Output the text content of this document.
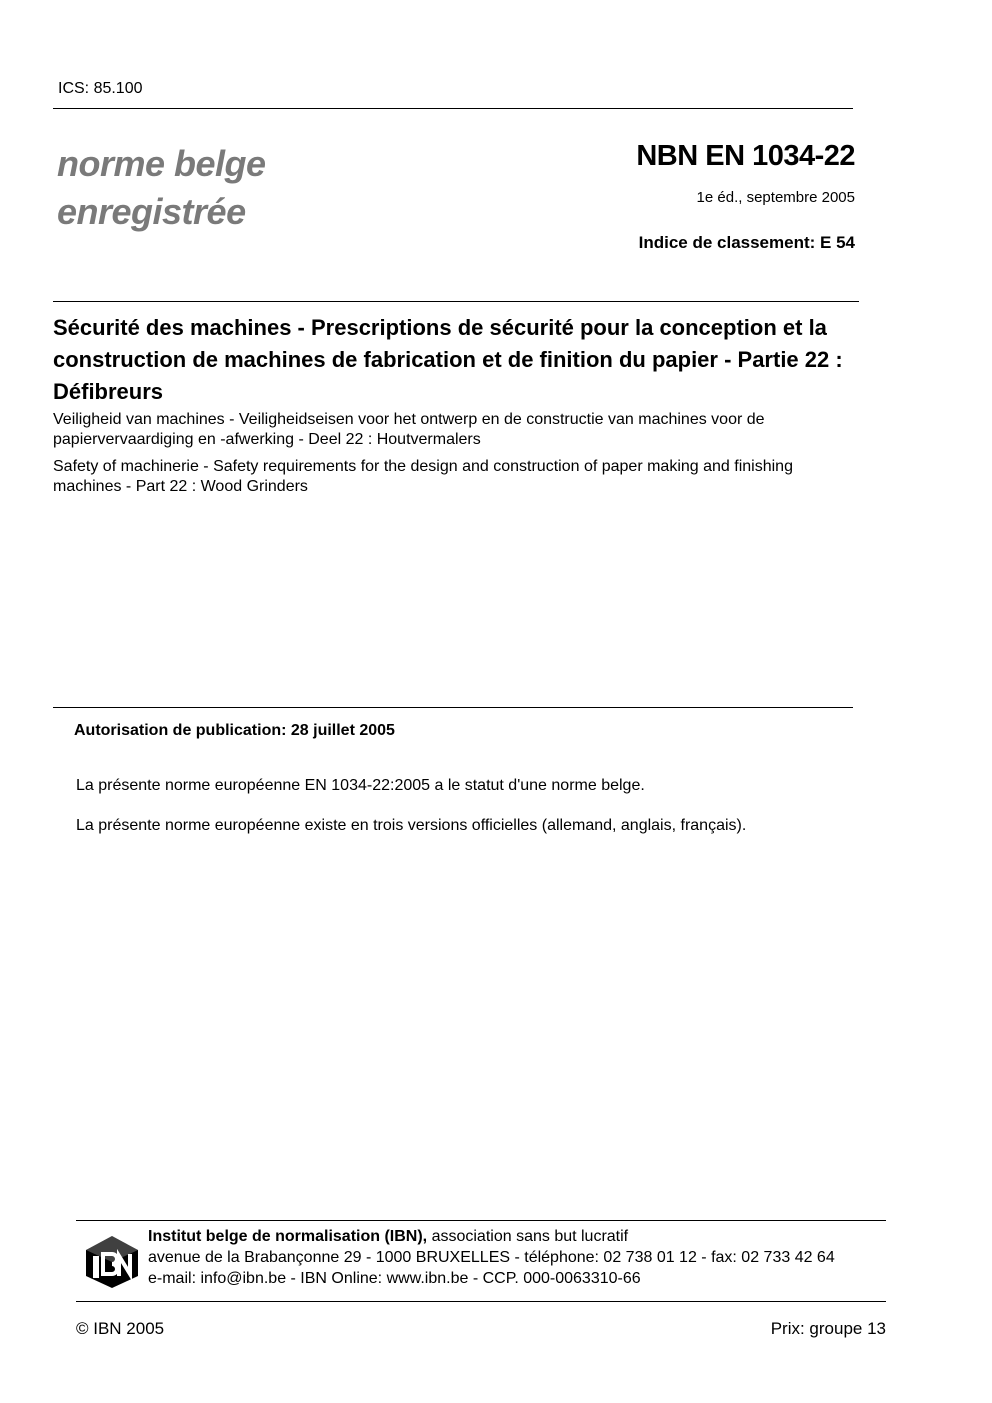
ICS: 85.100
norme belge
enregistrée
NBN EN 1034-22
1e éd., septembre 2005
Indice de classement: E 54
Sécurité des machines - Prescriptions de sécurité pour la conception et la construction de machines de fabrication et de finition du papier - Partie 22 : Défibreurs
Veiligheid van machines - Veiligheidseisen voor het ontwerp en de constructie van machines voor de papiervervaardiging en -afwerking - Deel 22 : Houtvermalers
Safety of machinerie - Safety requirements for the design and construction of paper making and finishing machines - Part 22 : Wood Grinders
Autorisation de publication: 28 juillet 2005
La présente norme européenne EN 1034-22:2005 a le statut d'une norme belge.
La présente norme européenne existe en trois versions officielles (allemand, anglais, français).
Institut belge de normalisation (IBN), association sans but lucratif
avenue de la Brabançonne 29 - 1000 BRUXELLES - téléphone: 02 738 01 12 - fax: 02 733 42 64
e-mail: info@ibn.be - IBN Online: www.ibn.be - CCP. 000-0063310-66
© IBN 2005	Prix: groupe 13
